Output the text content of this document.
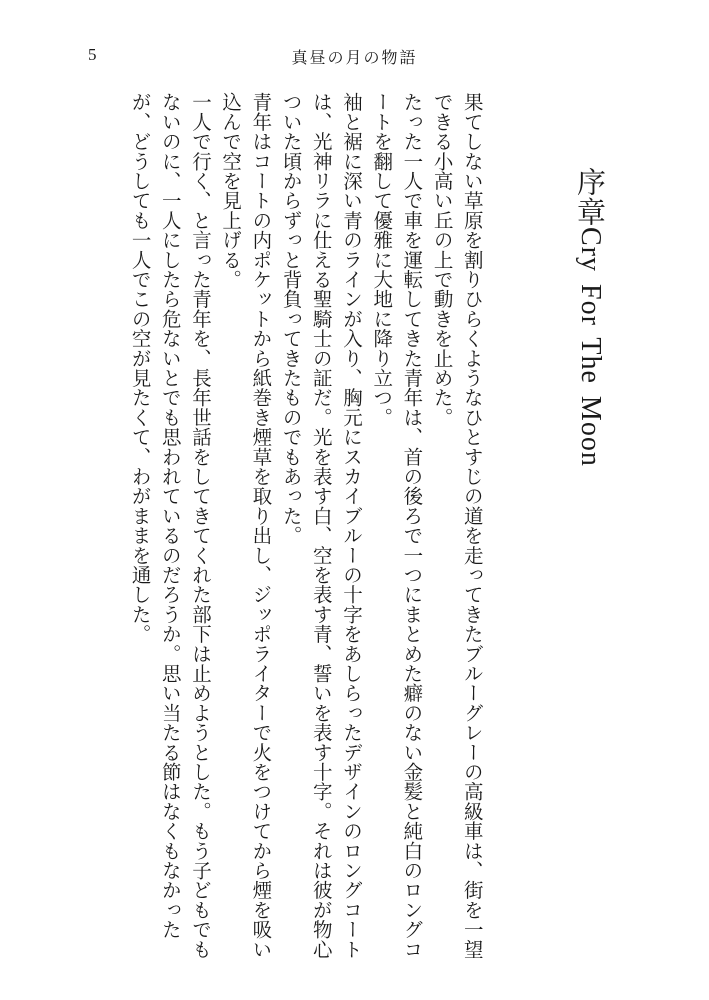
5	真昼の月の物語
序章Cry For The Moon

果てしない草原を割りひらくようなひとすじの道を走ってきたブルーグレーの高級車は、街を一望できる小高い丘の上で動きを止めた。

たった一人で車を運転してきた青年は、首の後ろで一つにまとめた癖のない金髪と純白のロングコートを翻して優雅に大地に降り立つ。

袖と裾に深い青のラインが入り、胸元にスカイブルーの十字をあしらったデザインのロングコートは、光神リラに仕える聖騎士の証だ。光を表す白、空を表す青、誓いを表す十字。それは彼が物心ついた頃からずっと背負ってきたものでもあった。

青年はコートの内ポケットから紙巻き煙草を取り出し、ジッポライターで火をつけてから煙を吸い込んで空を見上げる。

一人で行く、と言った青年を、長年世話をしてきてくれた部下は止めようとした。もう子どもでもないのに、一人にしたら危ないとでも思われているのだろうか。思い当たる節はなくもなかったが、どうしても一人でこの空が見たくて、わがままを通した。
